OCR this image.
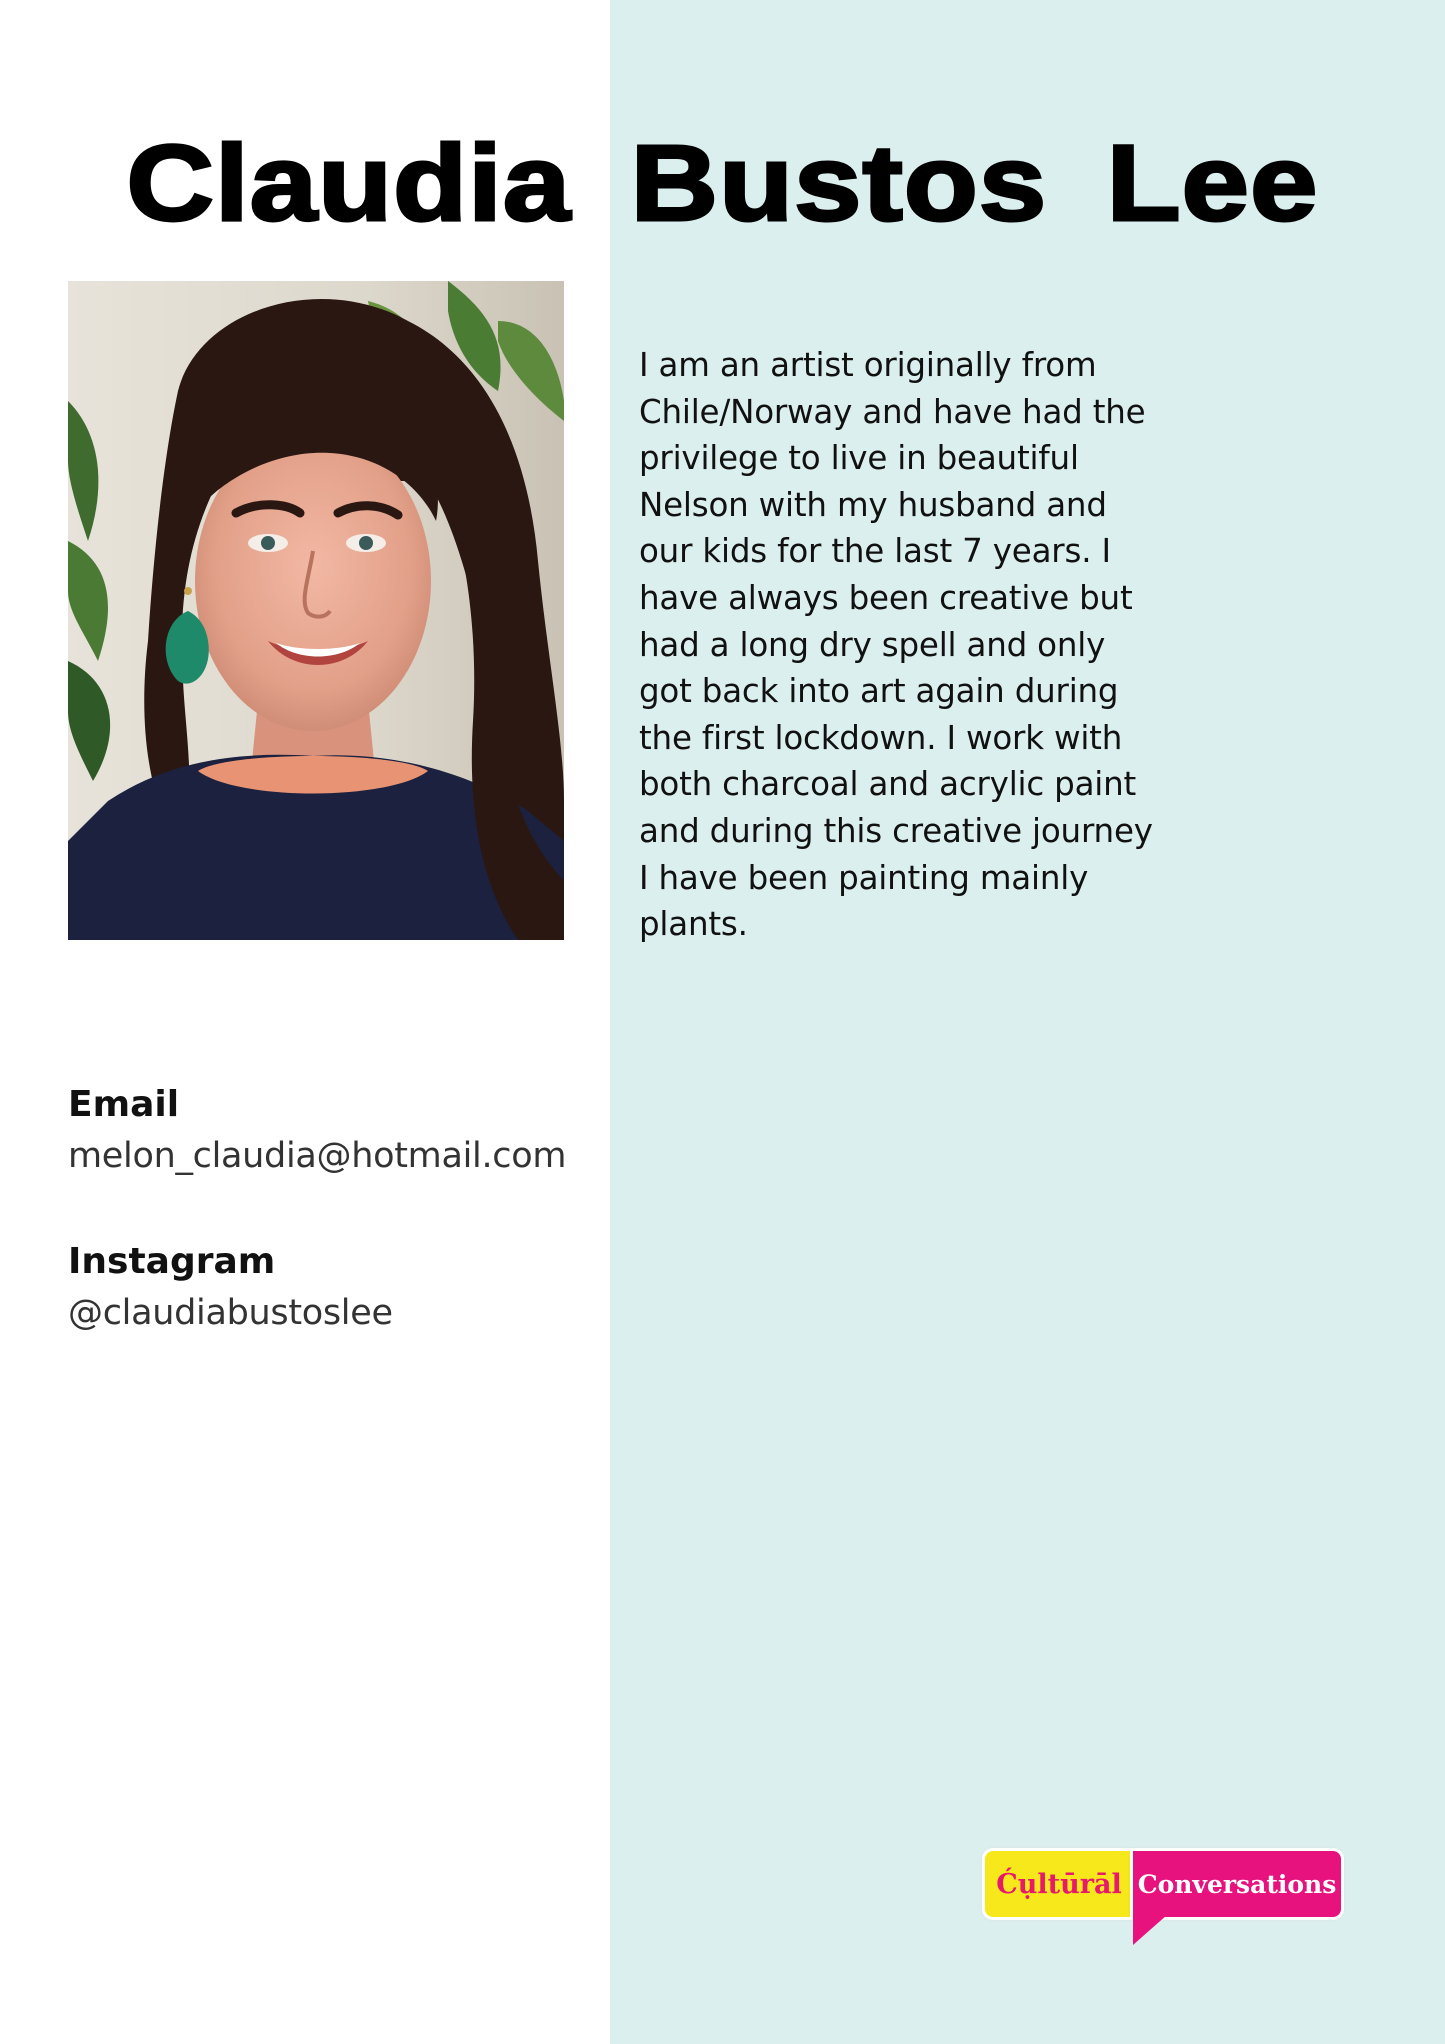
Claudia Bustos Lee

I am an artist originally from Chile/Norway and have had the privilege to live in beautiful Nelson with my husband and our kids for the last 7 years. I have always been creative but had a long dry spell and only got back into art again during the first lockdown. I work with both charcoal and acrylic paint and during this creative journey I have been painting mainly plants.

Email
melon_claudia@hotmail.com
Instagram
@claudiabustoslee
Ćụltūrāl Conversations
